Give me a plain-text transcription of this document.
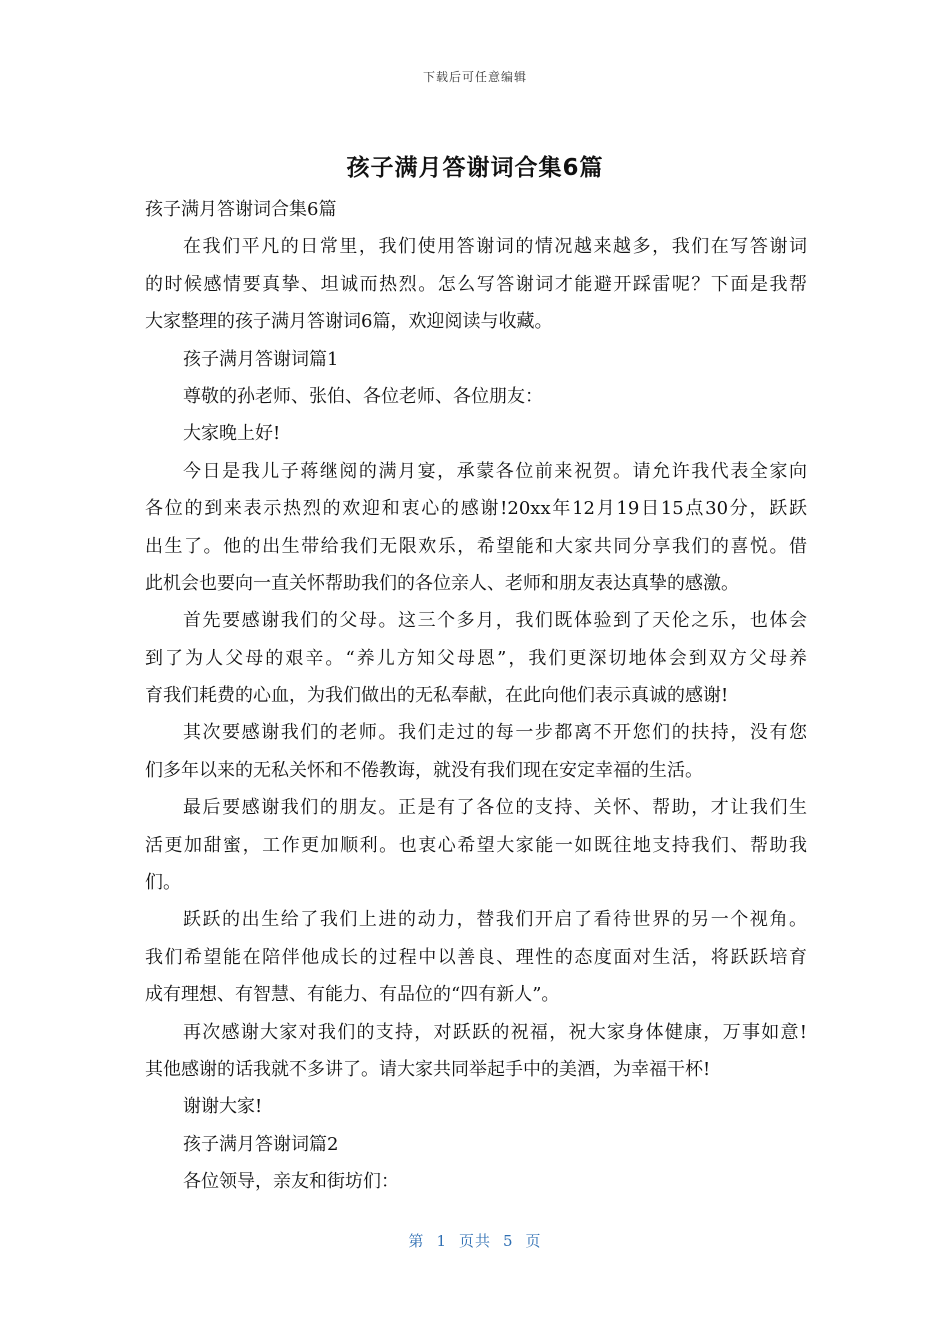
下载后可任意编辑
孩子满月答谢词合集6篇
孩子满月答谢词合集6篇
在我们平凡的日常里，我们使用答谢词的情况越来越多，我们在写答谢词
的时候感情要真挚、坦诚而热烈。怎么写答谢词才能避开踩雷呢？下面是我帮
大家整理的孩子满月答谢词6篇，欢迎阅读与收藏。
孩子满月答谢词篇1
尊敬的孙老师、张伯、各位老师、各位朋友：
大家晚上好!
今日是我儿子蒋继阅的满月宴，承蒙各位前来祝贺。请允许我代表全家向
各位的到来表示热烈的欢迎和衷心的感谢!20xx年12月19日15点30分，跃跃
出生了。他的出生带给我们无限欢乐，希望能和大家共同分享我们的喜悦。借
此机会也要向一直关怀帮助我们的各位亲人、老师和朋友表达真挚的感激。
首先要感谢我们的父母。这三个多月，我们既体验到了天伦之乐，也体会
到了为人父母的艰辛。“养儿方知父母恩”，我们更深切地体会到双方父母养
育我们耗费的心血，为我们做出的无私奉献，在此向他们表示真诚的感谢!
其次要感谢我们的老师。我们走过的每一步都离不开您们的扶持，没有您
们多年以来的无私关怀和不倦教诲，就没有我们现在安定幸福的生活。
最后要感谢我们的朋友。正是有了各位的支持、关怀、帮助，才让我们生
活更加甜蜜，工作更加顺利。也衷心希望大家能一如既往地支持我们、帮助我
们。
跃跃的出生给了我们上进的动力，替我们开启了看待世界的另一个视角。
我们希望能在陪伴他成长的过程中以善良、理性的态度面对生活，将跃跃培育
成有理想、有智慧、有能力、有品位的“四有新人”。
再次感谢大家对我们的支持，对跃跃的祝福，祝大家身体健康，万事如意!
其他感谢的话我就不多讲了。请大家共同举起手中的美酒，为幸福干杯!
谢谢大家!
孩子满月答谢词篇2
各位领导，亲友和街坊们：
第 1 页共 5 页
